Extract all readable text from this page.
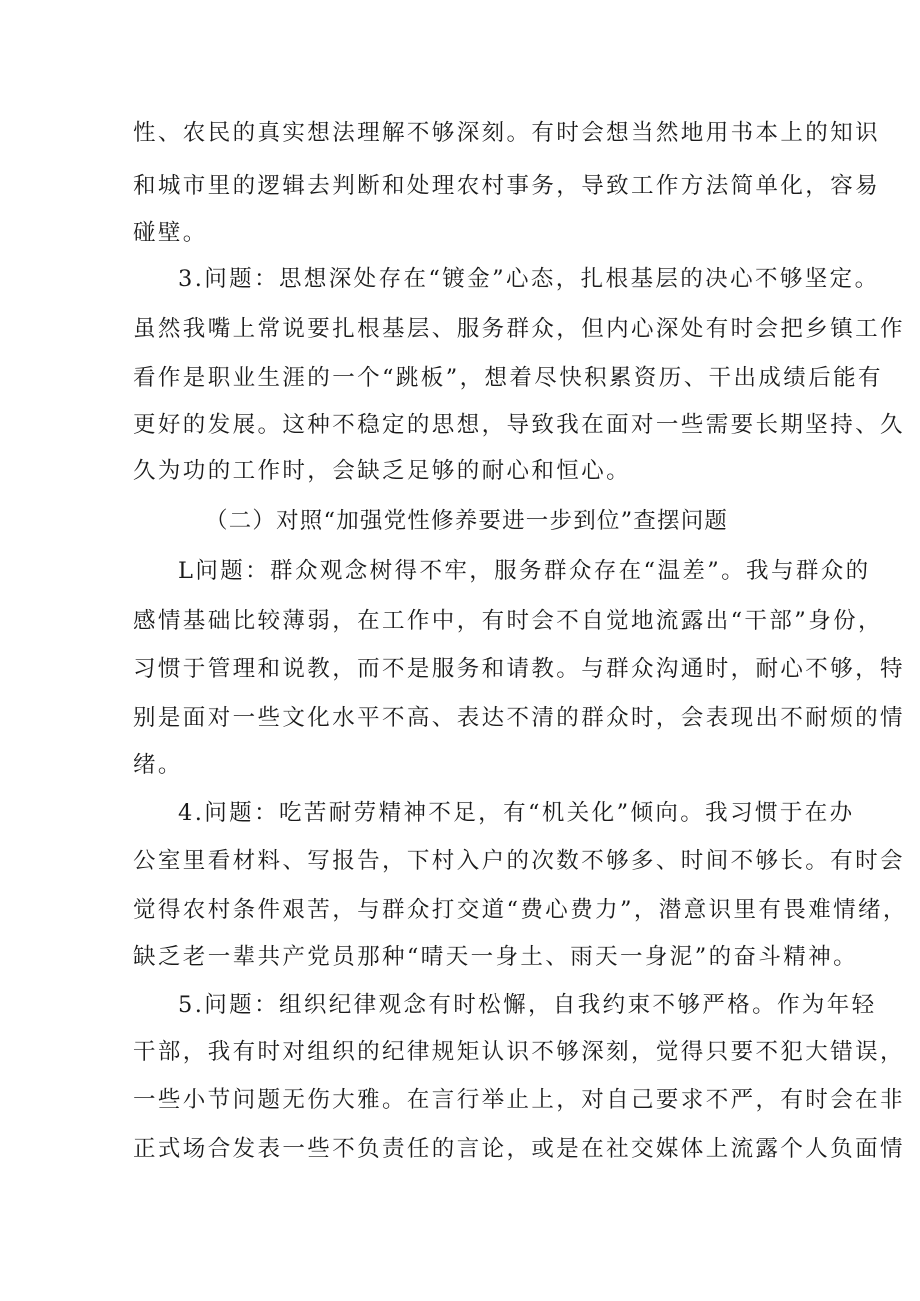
性、农民的真实想法理解不够深刻。有时会想当然地用书本上的知识
和城市里的逻辑去判断和处理农村事务，导致工作方法简单化，容易
碰壁。
3.问题：思想深处存在“镀金”心态，扎根基层的决心不够坚定。
虽然我嘴上常说要扎根基层、服务群众，但内心深处有时会把乡镇工作
看作是职业生涯的一个“跳板”，想着尽快积累资历、干出成绩后能有
更好的发展。这种不稳定的思想，导致我在面对一些需要长期坚持、久
久为功的工作时，会缺乏足够的耐心和恒心。
（二）对照“加强党性修养要进一步到位”查摆问题
L问题：群众观念树得不牢，服务群众存在“温差”。我与群众的
感情基础比较薄弱，在工作中，有时会不自觉地流露出“干部”身份，
习惯于管理和说教，而不是服务和请教。与群众沟通时，耐心不够，特
别是面对一些文化水平不高、表达不清的群众时，会表现出不耐烦的情
绪。
4.问题：吃苦耐劳精神不足，有“机关化”倾向。我习惯于在办
公室里看材料、写报告，下村入户的次数不够多、时间不够长。有时会
觉得农村条件艰苦，与群众打交道“费心费力”，潜意识里有畏难情绪，
缺乏老一辈共产党员那种“晴天一身土、雨天一身泥”的奋斗精神。
5.问题：组织纪律观念有时松懈，自我约束不够严格。作为年轻
干部，我有时对组织的纪律规矩认识不够深刻，觉得只要不犯大错误，
一些小节问题无伤大雅。在言行举止上，对自己要求不严，有时会在非
正式场合发表一些不负责任的言论，或是在社交媒体上流露个人负面情
